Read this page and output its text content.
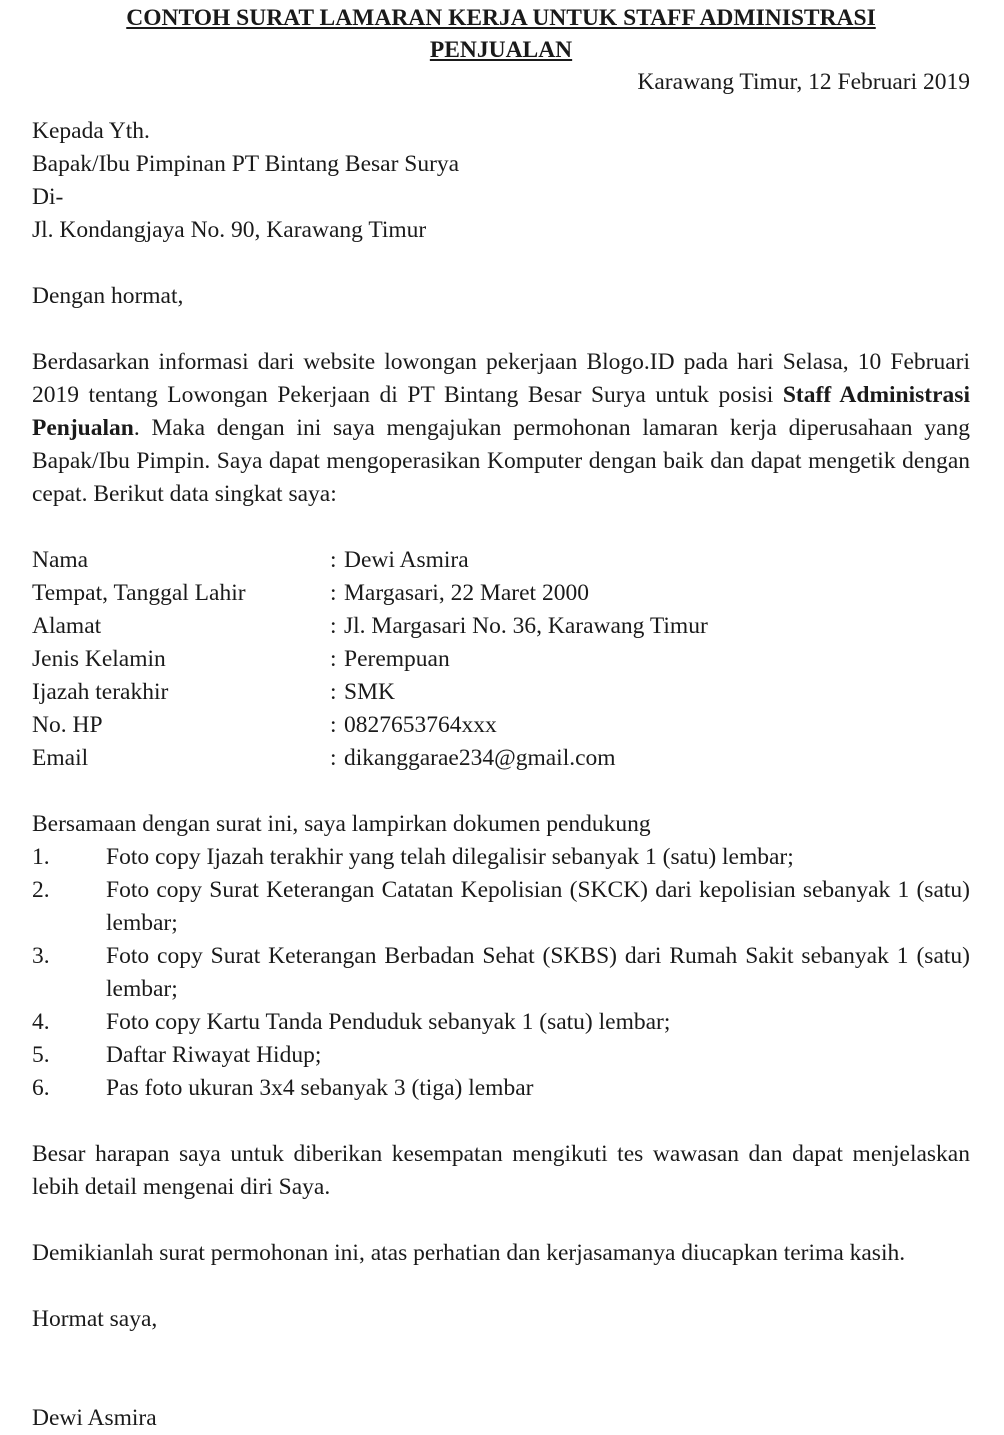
CONTOH SURAT LAMARAN KERJA UNTUK STAFF ADMINISTRASI
PENJUALAN
Karawang Timur, 12 Februari 2019
Kepada Yth.
Bapak/Ibu Pimpinan PT Bintang Besar Surya
Di-
Jl. Kondangjaya No. 90, Karawang Timur
Dengan hormat,
Berdasarkan informasi dari website lowongan pekerjaan Blogo.ID pada hari Selasa, 10 Februari 2019 tentang Lowongan Pekerjaan di PT Bintang Besar Surya untuk posisi Staff Administrasi Penjualan. Maka dengan ini saya mengajukan permohonan lamaran kerja diperusahaan yang Bapak/Ibu Pimpin. Saya dapat mengoperasikan Komputer dengan baik dan dapat mengetik dengan cepat. Berikut data singkat saya:
Nama	: Dewi Asmira
Tempat, Tanggal Lahir	: Margasari, 22 Maret 2000
Alamat	: Jl. Margasari No. 36, Karawang Timur
Jenis Kelamin	: Perempuan
Ijazah terakhir	: SMK
No. HP	: 0827653764xxx
Email	: dikanggarae234@gmail.com
Bersamaan dengan surat ini, saya lampirkan dokumen pendukung
1.	Foto copy Ijazah terakhir yang telah dilegalisir sebanyak 1 (satu) lembar;
2.	Foto copy Surat Keterangan Catatan Kepolisian (SKCK) dari kepolisian sebanyak 1 (satu) lembar;
3.	Foto copy Surat Keterangan Berbadan Sehat (SKBS) dari Rumah Sakit sebanyak 1 (satu) lembar;
4.	Foto copy Kartu Tanda Penduduk sebanyak 1 (satu) lembar;
5.	Daftar Riwayat Hidup;
6.	Pas foto ukuran 3x4 sebanyak 3 (tiga) lembar
Besar harapan saya untuk diberikan kesempatan mengikuti tes wawasan dan dapat menjelaskan lebih detail mengenai diri Saya.
Demikianlah surat permohonan ini, atas perhatian dan kerjasamanya diucapkan terima kasih.
Hormat saya,
Dewi Asmira
